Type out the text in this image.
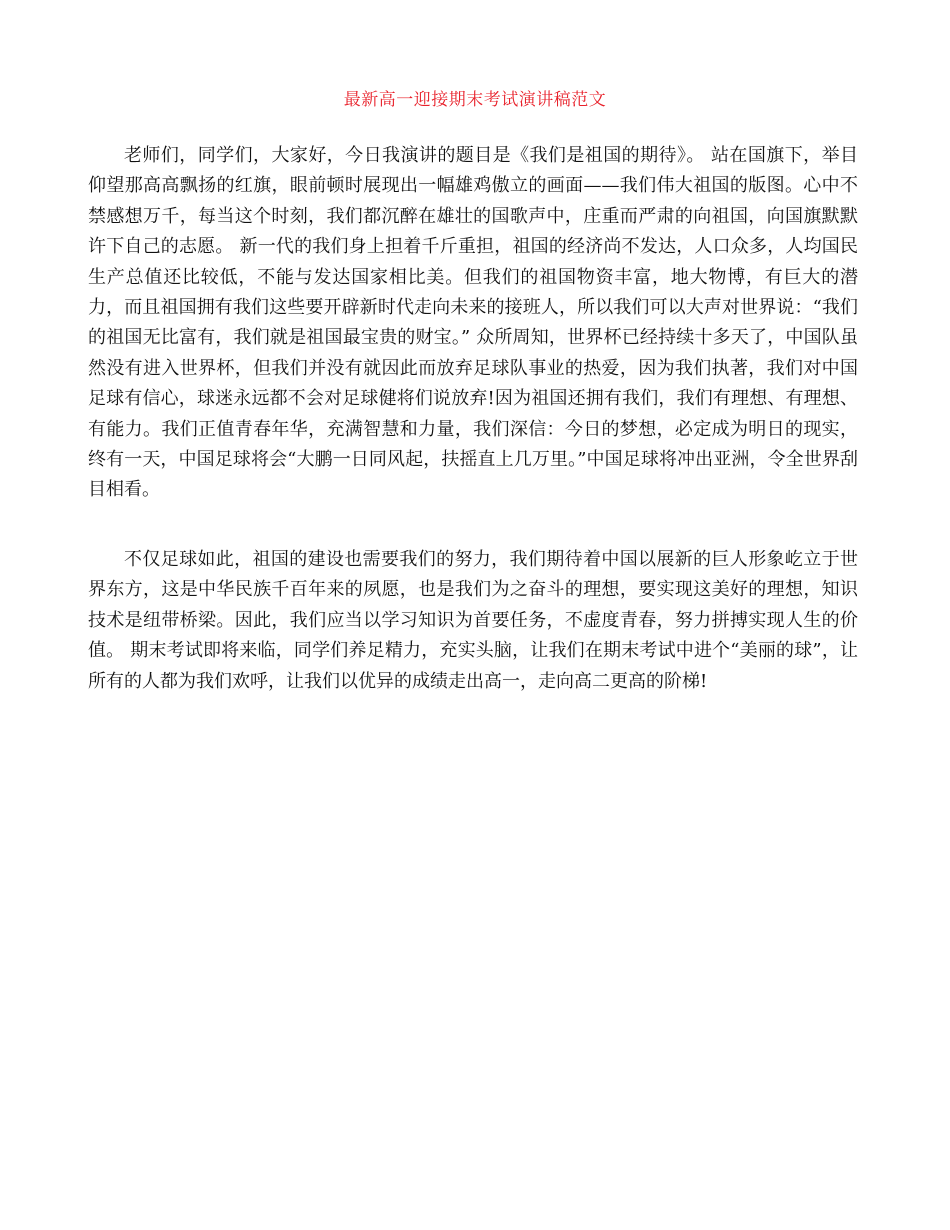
最新高一迎接期末考试演讲稿范文

老师们，同学们，大家好，今日我演讲的题目是《我们是祖国的期待》。 站在国旗下，举目仰望那高高飘扬的红旗，眼前顿时展现出一幅雄鸡傲立的画面——我们伟大祖国的版图。心中不禁感想万千，每当这个时刻，我们都沉醉在雄壮的国歌声中，庄重而严肃的向祖国，向国旗默默许下自己的志愿。 新一代的我们身上担着千斤重担，祖国的经济尚不发达，人口众多，人均国民生产总值还比较低，不能与发达国家相比美。但我们的祖国物资丰富，地大物博，有巨大的潜力，而且祖国拥有我们这些要开辟新时代走向未来的接班人，所以我们可以大声对世界说：“我们的祖国无比富有，我们就是祖国最宝贵的财宝。” 众所周知，世界杯已经持续十多天了，中国队虽然没有进入世界杯，但我们并没有就因此而放弃足球队事业的热爱，因为我们执著，我们对中国足球有信心，球迷永远都不会对足球健将们说放弃!因为祖国还拥有我们，我们有理想、有理想、有能力。我们正值青春年华，充满智慧和力量，我们深信：今日的梦想，必定成为明日的现实，终有一天，中国足球将会“大鹏一日同风起，扶摇直上几万里。”中国足球将冲出亚洲，令全世界刮目相看。

不仅足球如此，祖国的建设也需要我们的努力，我们期待着中国以展新的巨人形象屹立于世界东方，这是中华民族千百年来的夙愿，也是我们为之奋斗的理想，要实现这美好的理想，知识技术是纽带桥梁。因此，我们应当以学习知识为首要任务，不虚度青春，努力拼搏实现人生的价值。 期末考试即将来临，同学们养足精力，充实头脑，让我们在期末考试中进个“美丽的球”，让所有的人都为我们欢呼，让我们以优异的成绩走出高一，走向高二更高的阶梯!
